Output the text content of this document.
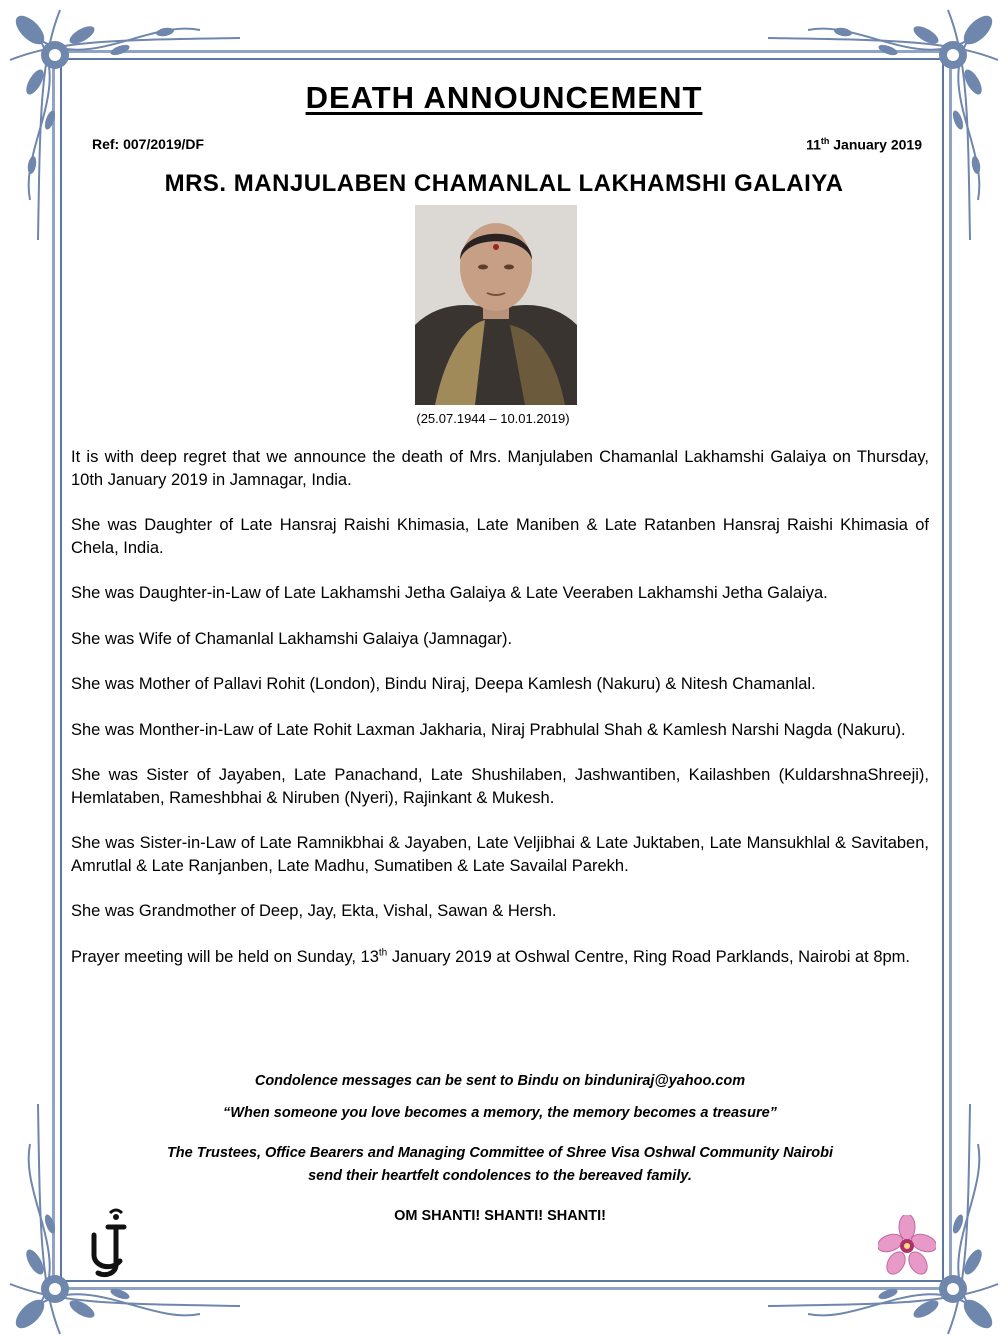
DEATH ANNOUNCEMENT
Ref: 007/2019/DF	11th January 2019
MRS. MANJULABEN CHAMANLAL LAKHAMSHI GALAIYA
(25.07.1944 – 10.01.2019)

It is with deep regret that we announce the death of Mrs. Manjulaben Chamanlal Lakhamshi Galaiya on Thursday, 10th January 2019 in Jamnagar, India.

She was Daughter of Late Hansraj Raishi Khimasia, Late Maniben & Late Ratanben Hansraj Raishi Khimasia of Chela, India.

She was Daughter-in-Law of Late Lakhamshi Jetha Galaiya & Late Veeraben Lakhamshi Jetha Galaiya.

She was Wife of Chamanlal Lakhamshi Galaiya (Jamnagar).

She was Mother of Pallavi Rohit (London), Bindu Niraj, Deepa Kamlesh (Nakuru) & Nitesh Chamanlal.

She was Monther-in-Law of Late Rohit Laxman Jakharia, Niraj Prabhulal Shah & Kamlesh Narshi Nagda (Nakuru).

She was Sister of Jayaben, Late Panachand, Late Shushilaben, Jashwantiben, Kailashben (KuldarshnaShreeji), Hemlataben, Rameshbhai & Niruben (Nyeri), Rajinkant & Mukesh.

She was Sister-in-Law of Late Ramnikbhai & Jayaben, Late Veljibhai & Late Juktaben, Late Mansukhlal & Savitaben, Amrutlal & Late Ranjanben, Late Madhu, Sumatiben & Late Savailal Parekh.

She was Grandmother of Deep, Jay, Ekta, Vishal, Sawan & Hersh.

Prayer meeting will be held on Sunday, 13th January 2019 at Oshwal Centre, Ring Road Parklands, Nairobi at 8pm.

Condolence messages can be sent to Bindu on binduniraj@yahoo.com
“When someone you love becomes a memory, the memory becomes a treasure”
The Trustees, Office Bearers and Managing Committee of Shree Visa Oshwal Community Nairobi
send their heartfelt condolences to the bereaved family.
OM SHANTI! SHANTI! SHANTI!
